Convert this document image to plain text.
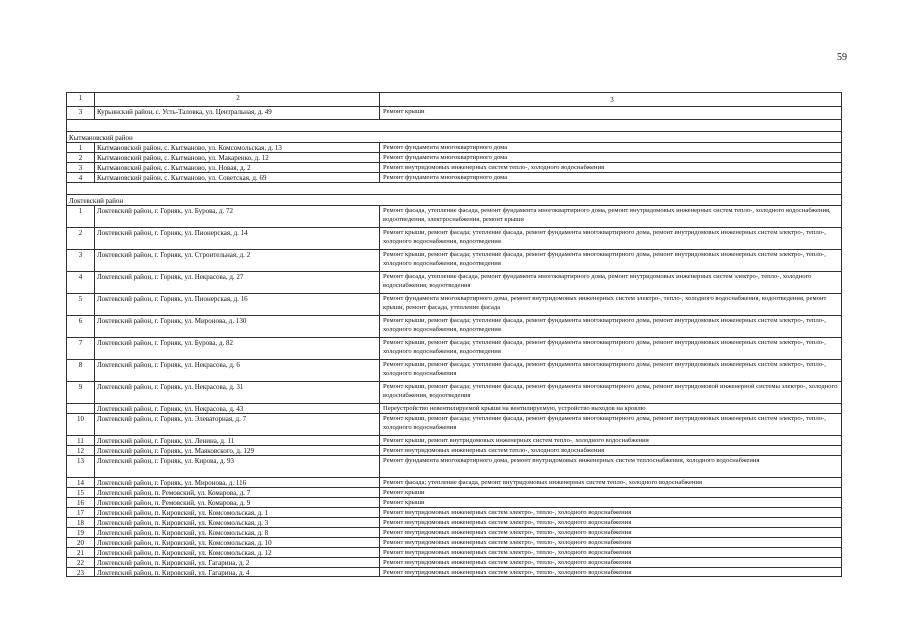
59
1	2	3
3	Курьинский район, с. Усть-Таловка, ул. Центральная, д. 49	Ремонт крыши
Кытмановский район
1	Кытмановский район, с. Кытманово, ул. Комсомольская, д. 13	Ремонт фундамента многоквартирного дома
2	Кытмановский район, с. Кытманово, ул. Макаренко, д. 12	Ремонт фундамента многоквартирного дома
3	Кытмановский район, с. Кытманово, ул. Новая, д. 2	Ремонт внутридомовых инженерных систем тепло-, холодного водоснабжения
4	Кытмановский район, с. Кытманово, ул. Советская, д. 69	Ремонт фундамента многоквартирного дома
Локтевский район
1	Локтевский район, г. Горняк, ул. Бурова, д. 72	Ремонт фасада, утепление фасада, ремонт фундамента многоквартирного дома, ремонт внутридомовых инженерных систем тепло-, холодного водоснабжения, водоотведения, электроснабжения, ремонт крыши
2	Локтевский район, г. Горняк, ул. Пионерская, д. 14	Ремонт крыши, ремонт фасада; утепление фасада, ремонт фундамента многоквартирного дома, ремонт внутридомовых инженерных систем электро-, тепло-, холодного водоснабжения, водоотведения
3	Локтевский район, г. Горняк, ул. Строительная, д. 2	Ремонт крыши, ремонт фасада; утепление фасада, ремонт фундамента многоквартирного дома, ремонт внутридомовых инженерных систем электро-, тепло-, холодного водоснабжения, водоотведения
4	Локтевский район, г. Горняк, ул. Некрасова, д. 27	Ремонт фасада, утепление фасада, ремонт фундамента многоквартирного дома, ремонт внутридомовых инженерных систем электро-, тепло-, холодного водоснабжения, водоотведения
5	Локтевский район, г. Горняк, ул. Пионерская, д. 16	Ремонт фундамента многоквартирного дома, ремонт внутридомовых инженерных систем электро-, тепло-, холодного водоснабжения, водоотведения, ремонт крыши, ремонт фасада, утепление фасада
6	Локтевский район, г. Горняк, ул. Миронова, д. 130	Ремонт крыши, ремонт фасада; утепление фасада, ремонт фундамента многоквартирного дома, ремонт внутридомовых инженерных систем электро-, тепло-, холодного водоснабжения, водоотведения
7	Локтевский район, г. Горняк, ул. Бурова, д. 82	Ремонт крыши, ремонт фасада; утепление фасада, ремонт фундамента многоквартирного дома, ремонт внутридомовых инженерных систем электро-, тепло-, холодного водоснабжения, водоотведения
8	Локтевский район, г. Горняк, ул. Некрасова, д. 6	Ремонт крыши, ремонт фасада; утепление фасада, ремонт фундамента многоквартирного дома, ремонт внутридомовых инженерных систем электро-, тепло-, холодного водоснабжения
9	Локтевский район, г. Горняк, ул. Некрасова, д. 31	Ремонт крыши, ремонт фасада; утепление фасада, ремонт фундамента многоквартирного дома, ремонт внутридомовой инженерной системы электро-, холодного водоснабжения, водоотведения
Локтевский район, г. Горняк, ул. Некрасова, д. 43	Переустройство невентилируемой крыши на вентилируемую, устройство выходов на кровлю
10	Локтевский район, г. Горняк, ул. Элеваторная, д. 7	Ремонт крыши, ремонт фасада; утепление фасада, ремонт фундамента многоквартирного дома, ремонт внутридомовых инженерных систем электро-, тепло-, холодного водоснабжения
11	Локтевский район, г. Горняк, ул. Ленина, д. 11	Ремонт крыши, ремонт внутридомовых инженерных систем тепло-, холодного водоснабжения
12	Локтевский район, г. Горняк, ул. Маяковского, д. 129	Ремонт внутридомовых инженерных систем тепло-, холодного водоснабжения
13	Локтевский район, г. Горняк, ул. Кирова, д. 93	Ремонт фундамента многоквартирного дома, ремонт внутридомовых инженерных систем теплоснабжения, холодного водоснабжения
14	Локтевский район, г. Горняк, ул. Миронова, д. 116	Ремонт фасада; утепление фасада, ремонт внутридомовых инженерных систем тепло-, холодного водоснабжения
15	Локтевский район, п. Ремовский, ул. Комарова, д. 7	Ремонт крыши
16	Локтевский район, п. Ремовский, ул. Комарова, д. 9	Ремонт крыши
17	Локтевский район, п. Кировский, ул. Комсомольская, д. 1	Ремонт внутридомовых инженерных систем электро-, тепло-, холодного водоснабжения
18	Локтевский район, п. Кировский, ул. Комсомольская, д. 3	Ремонт внутридомовых инженерных систем электро-, тепло-, холодного водоснабжения
19	Локтевский район, п. Кировский, ул. Комсомольская, д. 8	Ремонт внутридомовых инженерных систем электро-, тепло-, холодного водоснабжения
20	Локтевский район, п. Кировский, ул. Комсомольская, д. 10	Ремонт внутридомовых инженерных систем электро-, тепло-, холодного водоснабжения
21	Локтевский район, п. Кировский, ул. Комсомольская, д. 12	Ремонт внутридомовых инженерных систем электро-, тепло-, холодного водоснабжения
22	Локтевский район, п. Кировский, ул. Гагарина, д. 2	Ремонт внутридомовых инженерных систем электро-, тепло-, холодного водоснабжения
23	Локтевский район, п. Кировский, ул. Гагарина, д. 4	Ремонт внутридомовых инженерных систем электро-, тепло-, холодного водоснабжения
